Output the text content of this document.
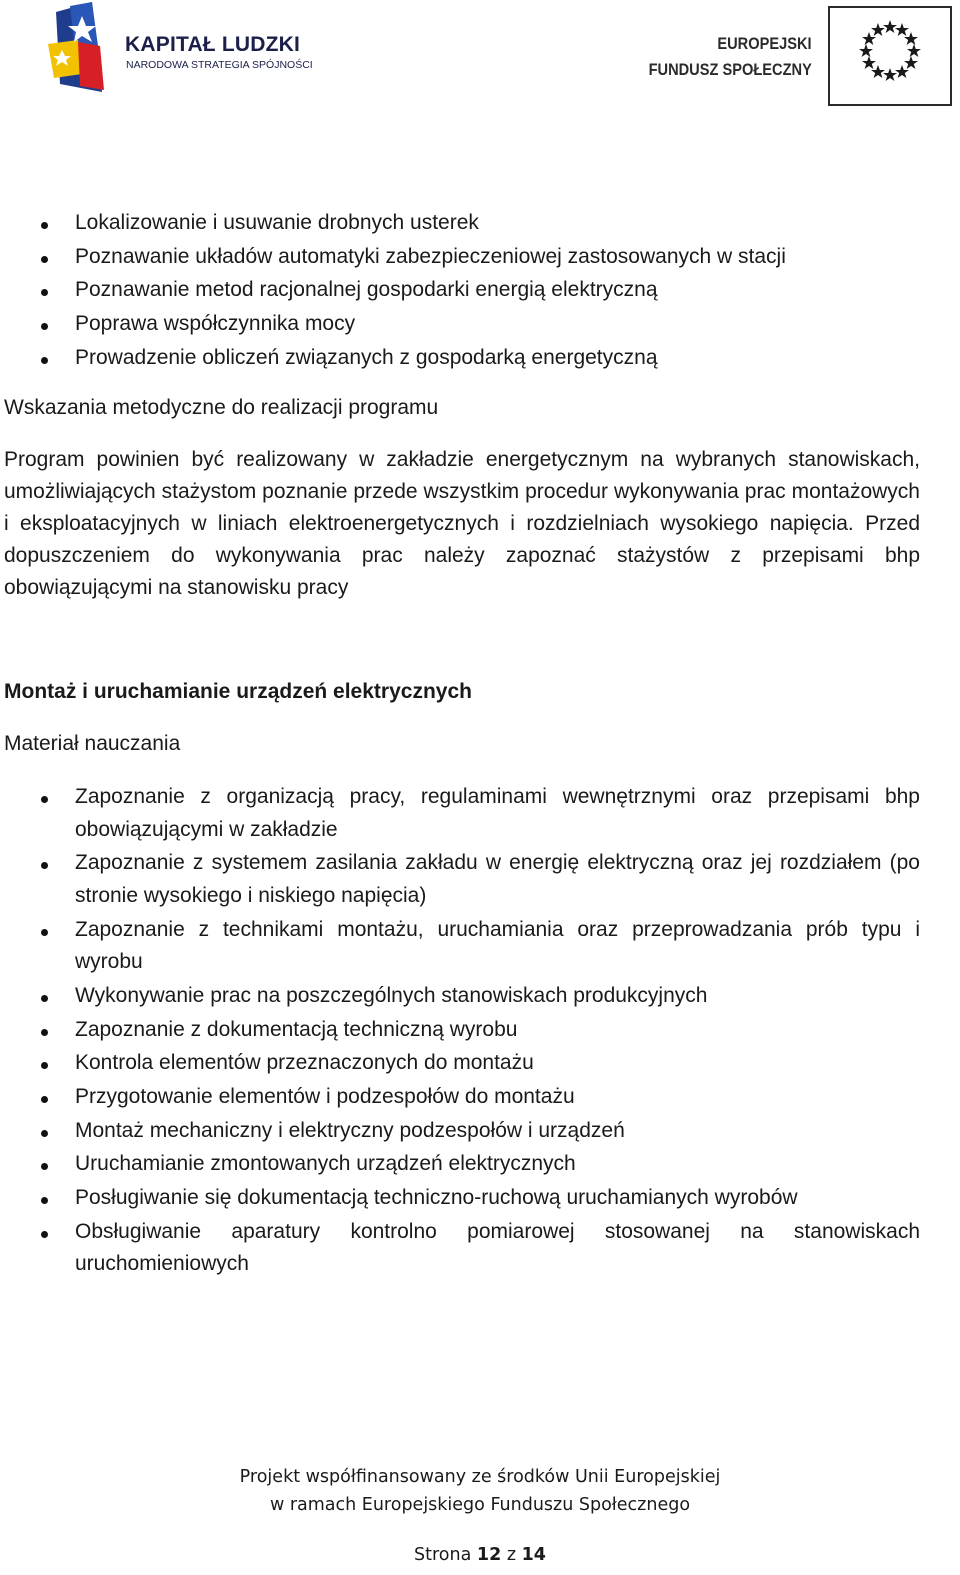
KAPITAŁ LUDZKI
NARODOWA STRATEGIA SPÓJNOŚCI
EUROPEJSKI
FUNDUSZ SPOŁECZNY
Lokalizowanie i usuwanie drobnych usterek
Poznawanie układów automatyki zabezpieczeniowej zastosowanych w stacji
Poznawanie metod racjonalnej gospodarki energią elektryczną
Poprawa współczynnika mocy
Prowadzenie obliczeń związanych z gospodarką energetyczną

Wskazania metodyczne do realizacji programu

Program powinien być realizowany w zakładzie energetycznym na wybranych stanowiskach, umożliwiających stażystom poznanie przede wszystkim procedur wykonywania prac montażowych i eksploatacyjnych w liniach elektroenergetycznych i rozdzielniach wysokiego napięcia. Przed dopuszczeniem do wykonywania prac należy zapoznać stażystów z przepisami bhp obowiązującymi na stanowisku pracy

Montaż i uruchamianie urządzeń elektrycznych

Materiał nauczania

Zapoznanie z organizacją pracy, regulaminami wewnętrznymi oraz przepisami bhp obowiązującymi w zakładzie
Zapoznanie z systemem zasilania zakładu w energię elektryczną oraz jej rozdziałem (po stronie wysokiego i niskiego napięcia)
Zapoznanie z technikami montażu, uruchamiania oraz przeprowadzania prób typu i wyrobu
Wykonywanie prac na poszczególnych stanowiskach produkcyjnych
Zapoznanie z dokumentacją techniczną wyrobu
Kontrola elementów przeznaczonych do montażu
Przygotowanie elementów i podzespołów do montażu
Montaż mechaniczny i elektryczny podzespołów i urządzeń
Uruchamianie zmontowanych urządzeń elektrycznych
Posługiwanie się dokumentacją techniczno-ruchową uruchamianych wyrobów
Obsługiwanie aparatury kontrolno pomiarowej stosowanej na stanowiskach uruchomieniowych
Projekt współfinansowany ze środków Unii Europejskiej
w ramach Europejskiego Funduszu Społecznego
Strona 12 z 14
